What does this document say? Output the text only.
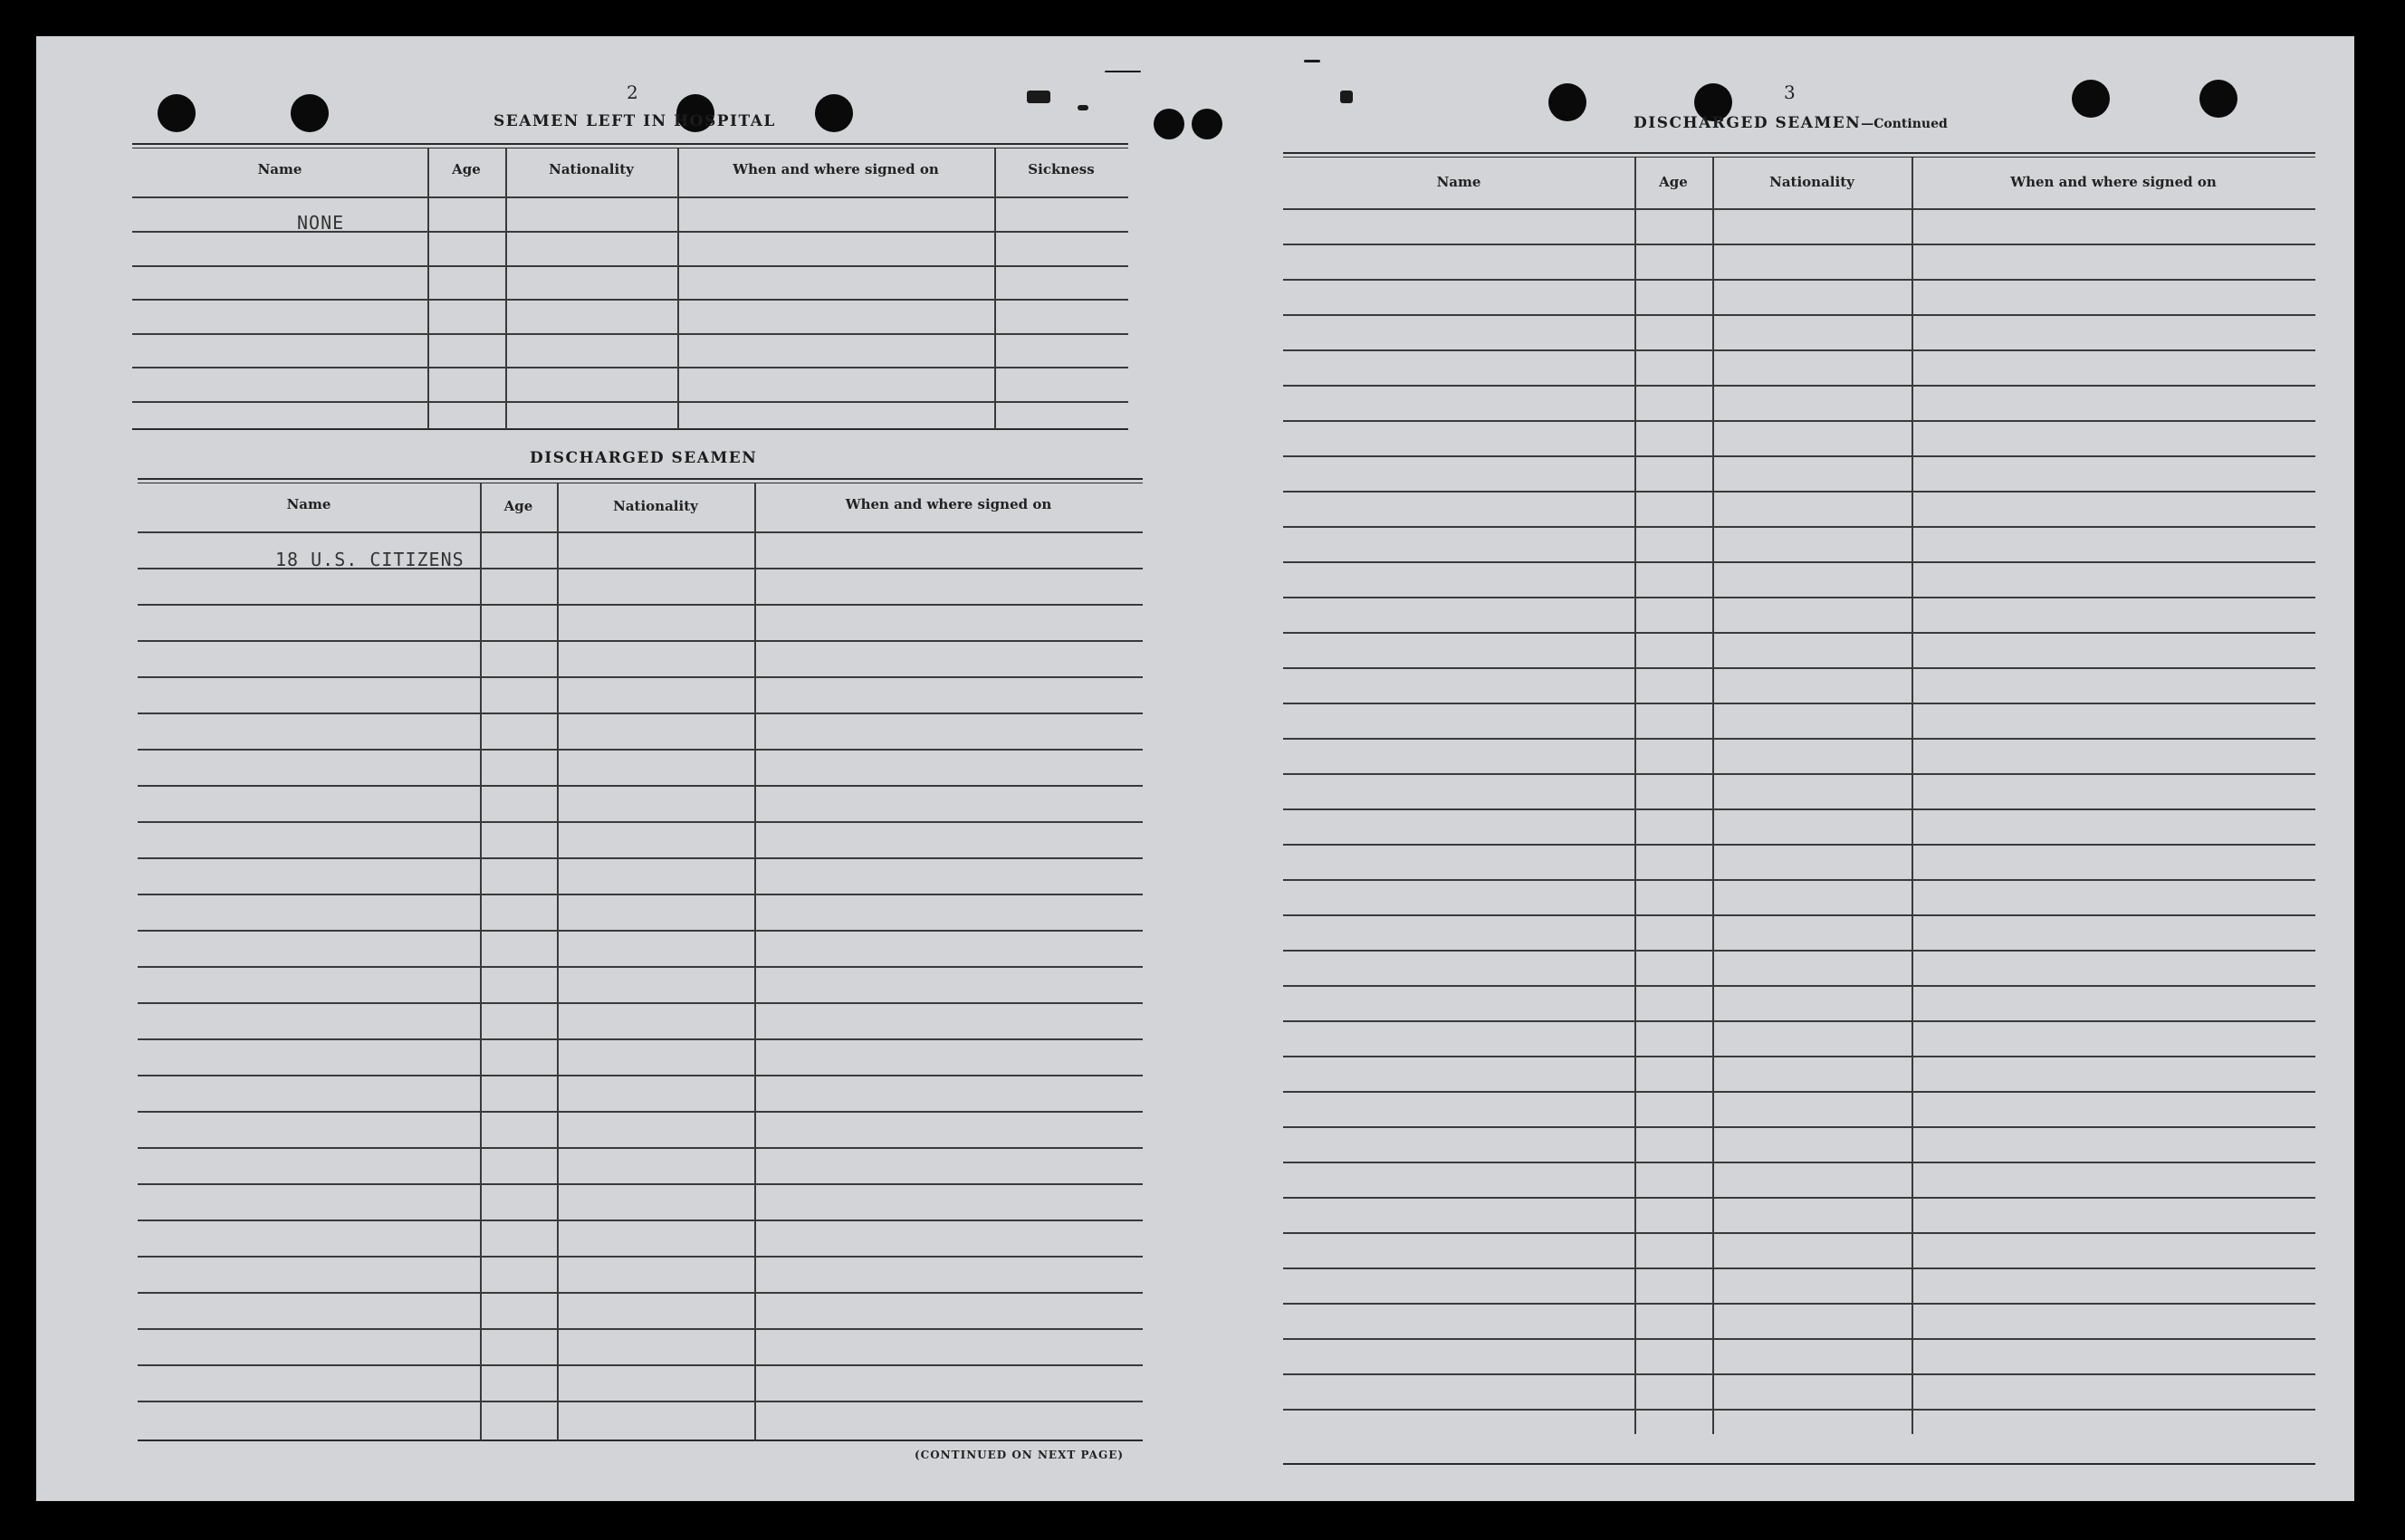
2
SEAMEN LEFT IN HOSPITAL
Name	Age	Nationality	When and where signed on	Sickness
NONE
DISCHARGED SEAMEN
Name	Age	Nationality	When and where signed on
18 U.S. CITIZENS
(CONTINUED ON NEXT PAGE)
3
DISCHARGED SEAMEN—Continued
Name	Age	Nationality	When and where signed on
